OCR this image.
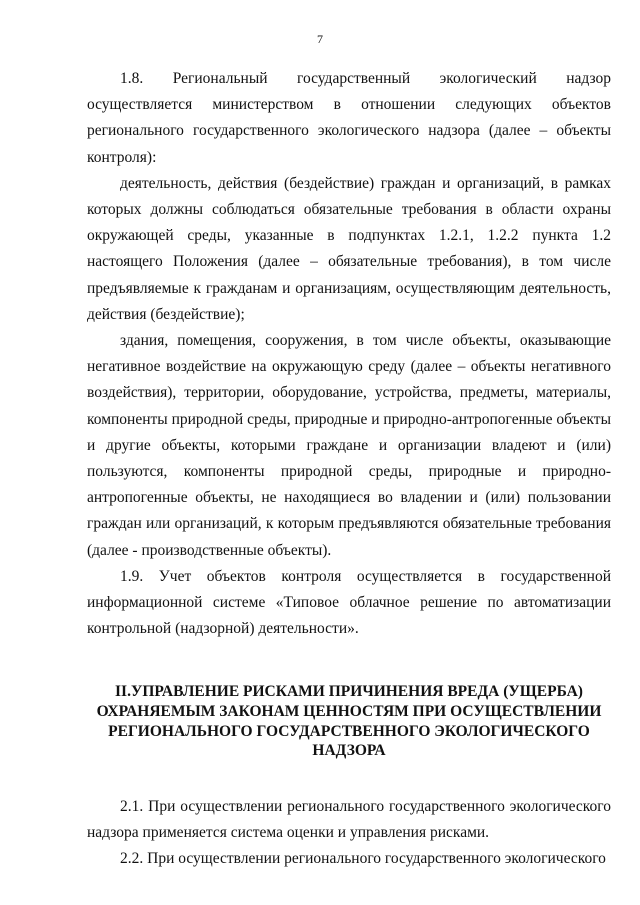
7

1.8. Региональный государственный экологический надзор осуществляется министерством в отношении следующих объектов регионального государственного экологического надзора (далее – объекты контроля):

деятельность, действия (бездействие) граждан и организаций, в рамках которых должны соблюдаться обязательные требования в области охраны окружающей среды, указанные в подпунктах 1.2.1, 1.2.2 пункта 1.2 настоящего Положения (далее – обязательные требования), в том числе предъявляемые к гражданам и организациям, осуществляющим деятельность, действия (бездействие);

здания, помещения, сооружения, в том числе объекты, оказывающие негативное воздействие на окружающую среду (далее – объекты негативного воздействия), территории, оборудование, устройства, предметы, материалы, компоненты природной среды, природные и природно-антропогенные объекты и другие объекты, которыми граждане и организации владеют и (или) пользуются, компоненты природной среды, природные и природно-антропогенные объекты, не находящиеся во владении и (или) пользовании граждан или организаций, к которым предъявляются обязательные требования (далее - производственные объекты).

1.9. Учет объектов контроля осуществляется в государственной информационной системе «Типовое облачное решение по автоматизации контрольной (надзорной) деятельности».

II.УПРАВЛЕНИЕ РИСКАМИ ПРИЧИНЕНИЯ ВРЕДА (УЩЕРБА)
ОХРАНЯЕМЫМ ЗАКОНАМ ЦЕННОСТЯМ ПРИ ОСУЩЕСТВЛЕНИИ
РЕГИОНАЛЬНОГО ГОСУДАРСТВЕННОГО ЭКОЛОГИЧЕСКОГО
НАДЗОРА

2.1. При осуществлении регионального государственного экологического надзора применяется система оценки и управления рисками.

2.2. При осуществлении регионального государственного экологического
